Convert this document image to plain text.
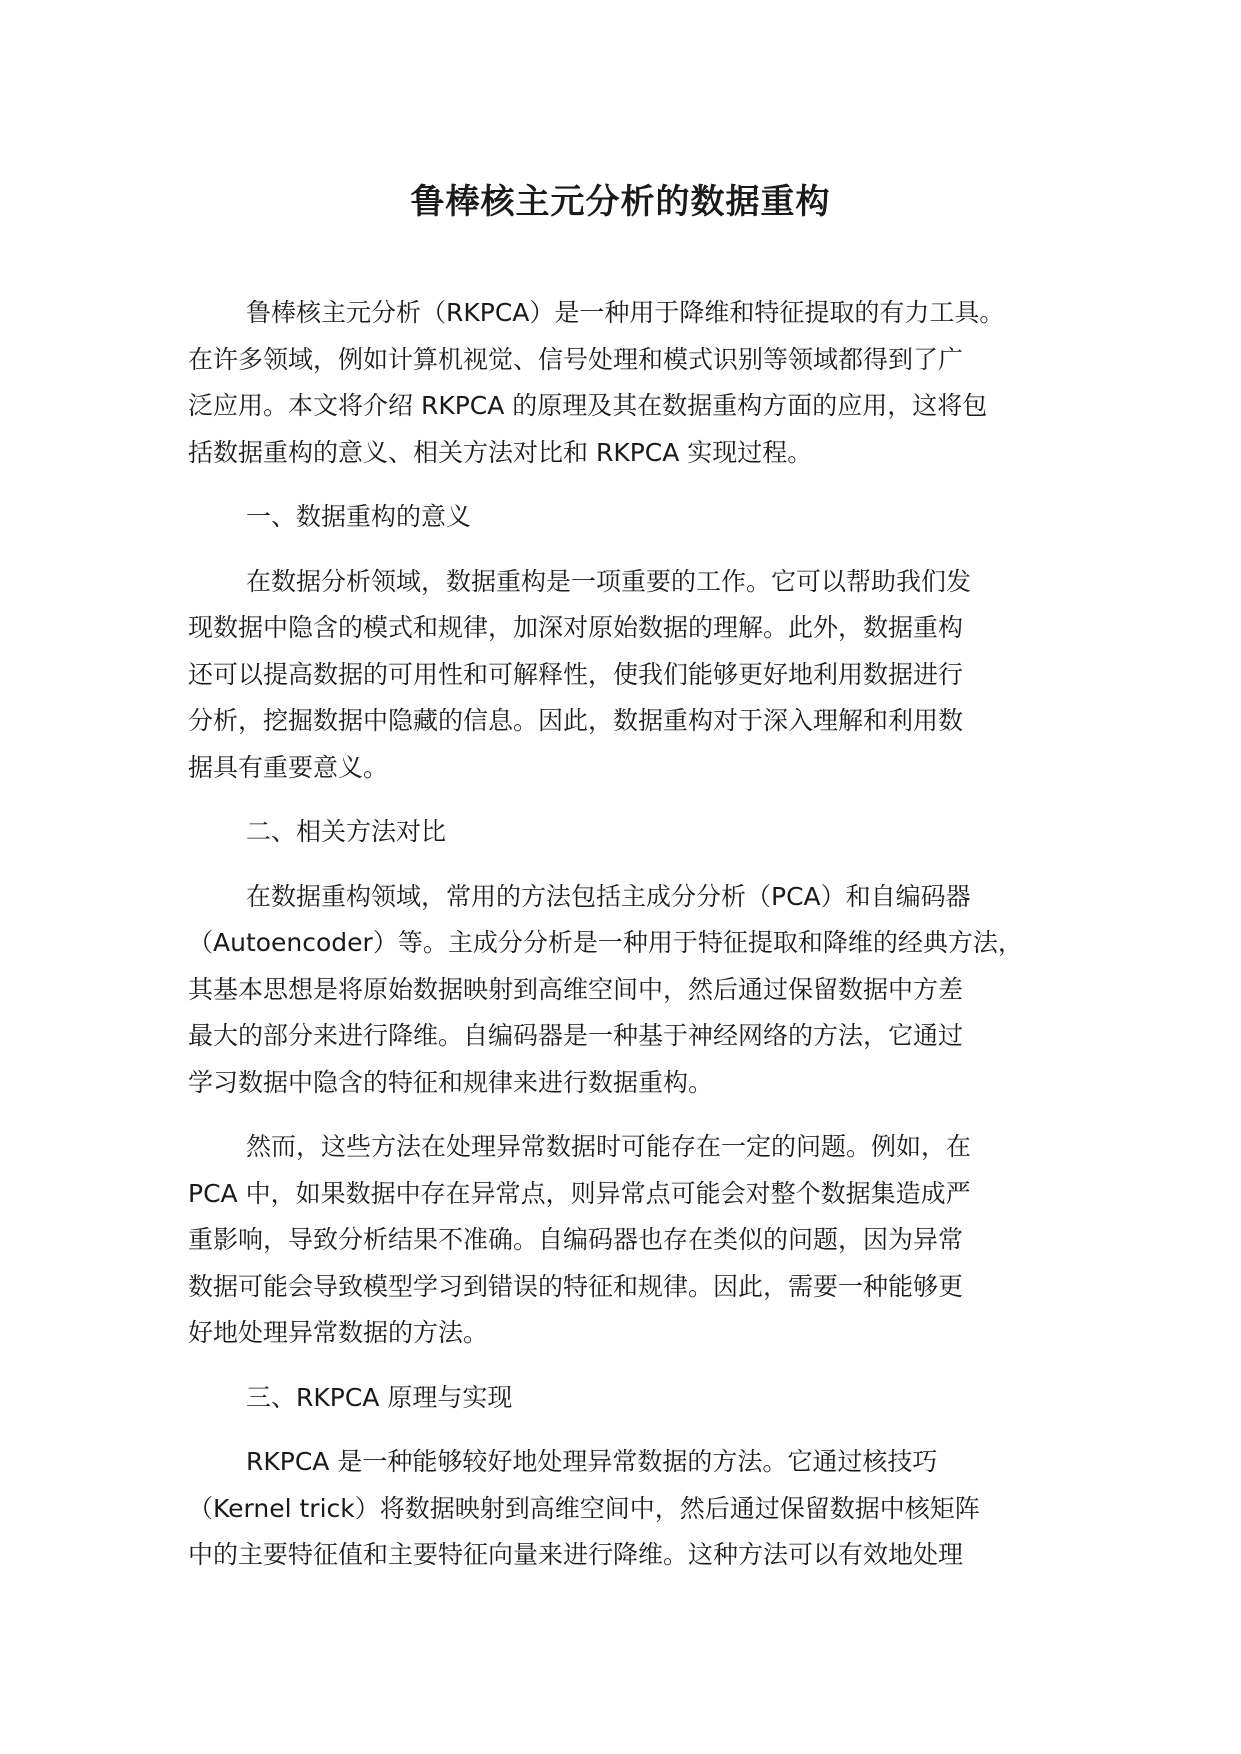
鲁棒核主元分析的数据重构
鲁棒核主元分析（RKPCA）是一种用于降维和特征提取的有力工具。
在许多领域，例如计算机视觉、信号处理和模式识别等领域都得到了广
泛应用。本文将介绍 RKPCA 的原理及其在数据重构方面的应用，这将包
括数据重构的意义、相关方法对比和 RKPCA 实现过程。
一、数据重构的意义
在数据分析领域，数据重构是一项重要的工作。它可以帮助我们发
现数据中隐含的模式和规律，加深对原始数据的理解。此外，数据重构
还可以提高数据的可用性和可解释性，使我们能够更好地利用数据进行
分析，挖掘数据中隐藏的信息。因此，数据重构对于深入理解和利用数
据具有重要意义。
二、相关方法对比
在数据重构领域，常用的方法包括主成分分析（PCA）和自编码器
（Autoencoder）等。主成分分析是一种用于特征提取和降维的经典方法，
其基本思想是将原始数据映射到高维空间中，然后通过保留数据中方差
最大的部分来进行降维。自编码器是一种基于神经网络的方法，它通过
学习数据中隐含的特征和规律来进行数据重构。
然而，这些方法在处理异常数据时可能存在一定的问题。例如，在
PCA 中，如果数据中存在异常点，则异常点可能会对整个数据集造成严
重影响，导致分析结果不准确。自编码器也存在类似的问题，因为异常
数据可能会导致模型学习到错误的特征和规律。因此，需要一种能够更
好地处理异常数据的方法。
三、RKPCA 原理与实现
RKPCA 是一种能够较好地处理异常数据的方法。它通过核技巧
（Kernel trick）将数据映射到高维空间中，然后通过保留数据中核矩阵
中的主要特征值和主要特征向量来进行降维。这种方法可以有效地处理
